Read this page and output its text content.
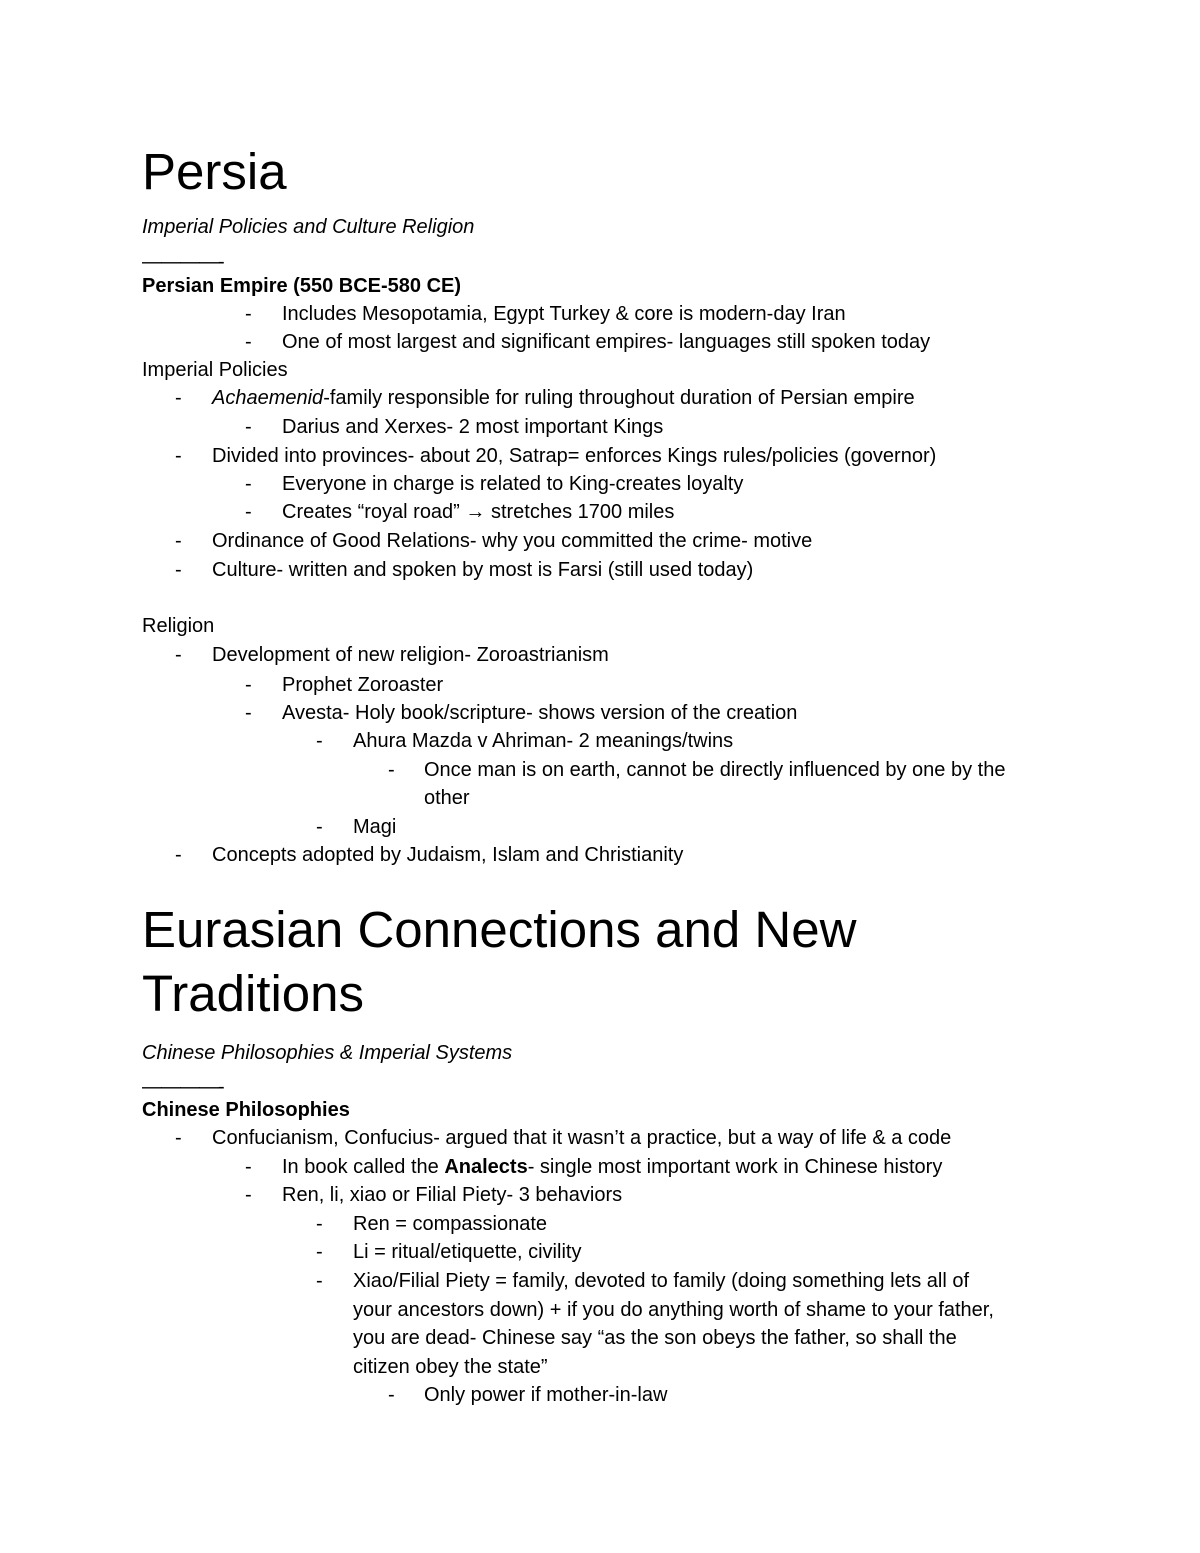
Persia

Imperial Policies and Culture Religion

————-

Persian Empire (550 BCE-580 CE)

- Includes Mesopotamia, Egypt Turkey & core is modern-day Iran

- One of most largest and significant empires- languages still spoken today

Imperial Policies

- Achaemenid-family responsible for ruling throughout duration of Persian empire

- Darius and Xerxes- 2 most important Kings

- Divided into provinces- about 20, Satrap= enforces Kings rules/policies (governor)

- Everyone in charge is related to King-creates loyalty

- Creates “royal road” → stretches 1700 miles

- Ordinance of Good Relations- why you committed the crime- motive

- Culture- written and spoken by most is Farsi (still used today)

Religion

- Development of new religion- Zoroastrianism

- Prophet Zoroaster

- Avesta- Holy book/scripture- shows version of the creation

- Ahura Mazda v Ahriman- 2 meanings/twins

- Once man is on earth, cannot be directly influenced by one by the

other

- Magi

- Concepts adopted by Judaism, Islam and Christianity

Eurasian Connections and New
Traditions

Chinese Philosophies & Imperial Systems

————-

Chinese Philosophies

- Confucianism, Confucius- argued that it wasn’t a practice, but a way of life & a code

- In book called the Analects- single most important work in Chinese history

- Ren, li, xiao or Filial Piety- 3 behaviors

- Ren = compassionate

- Li = ritual/etiquette, civility

- Xiao/Filial Piety = family, devoted to family (doing something lets all of

your ancestors down) + if you do anything worth of shame to your father,

you are dead- Chinese say “as the son obeys the father, so shall the

citizen obey the state”

- Only power if mother-in-law
